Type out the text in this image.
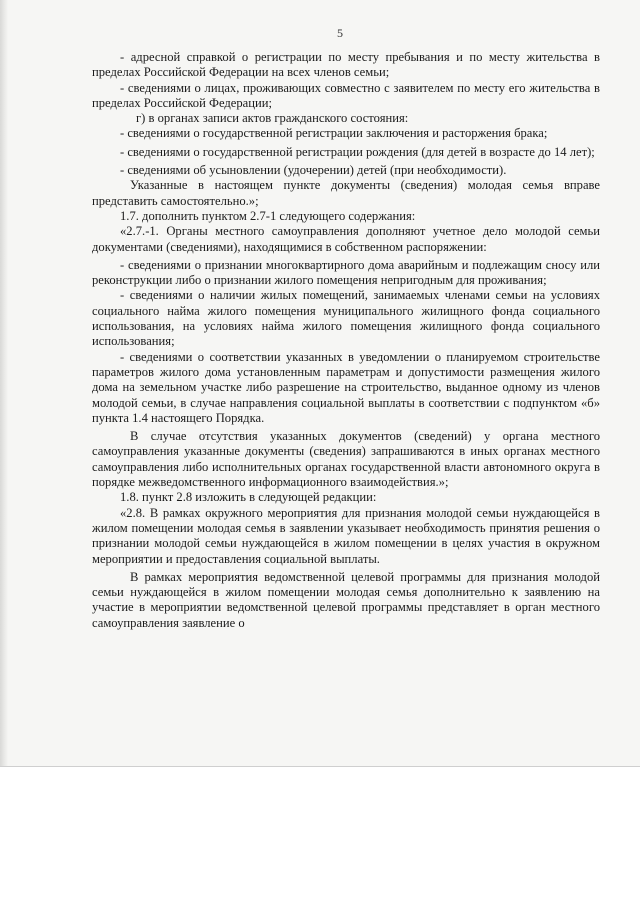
5

- адресной справкой о регистрации по месту пребывания и по месту жительства в пределах Российской Федерации на всех членов семьи;

- сведениями о лицах, проживающих совместно с заявителем по месту его жительства в пределах Российской Федерации;

г) в органах записи актов гражданского состояния:

- сведениями о государственной регистрации заключения и расторжения брака;

- сведениями о государственной регистрации рождения (для детей в возрасте до 14 лет);

- сведениями об усыновлении (удочерении) детей (при необходимости).

Указанные в настоящем пункте документы (сведения) молодая семья вправе представить самостоятельно.»;

1.7. дополнить пунктом 2.7-1 следующего содержания:

«2.7.-1. Органы местного самоуправления дополняют учетное дело молодой семьи документами (сведениями), находящимися в собственном распоряжении:

- сведениями о признании многоквартирного дома аварийным и подлежащим сносу или реконструкции либо о признании жилого помещения непригодным для проживания;

- сведениями о наличии жилых помещений, занимаемых членами семьи на условиях социального найма жилого помещения муниципального жилищного фонда социального использования, на условиях найма жилого помещения жилищного фонда социального использования;

- сведениями о соответствии указанных в уведомлении о планируемом строительстве параметров жилого дома установленным параметрам и допустимости размещения жилого дома на земельном участке либо разрешение на строительство, выданное одному из членов молодой семьи, в случае направления социальной выплаты в соответствии с подпунктом «б» пункта 1.4 настоящего Порядка.

В случае отсутствия указанных документов (сведений) у органа местного самоуправления указанные документы (сведения) запрашиваются в иных органах местного самоуправления либо исполнительных органах государственной власти автономного округа в порядке межведомственного информационного взаимодействия.»;

1.8. пункт 2.8 изложить в следующей редакции:

«2.8. В рамках окружного мероприятия для признания молодой семьи нуждающейся в жилом помещении молодая семья в заявлении указывает необходимость принятия решения о признании молодой семьи нуждающейся в жилом помещении в целях участия в окружном мероприятии и предоставления социальной выплаты.

В рамках мероприятия ведомственной целевой программы для признания молодой семьи нуждающейся в жилом помещении молодая семья дополнительно к заявлению на участие в мероприятии ведомственной целевой программы представляет в орган местного самоуправления заявление о
